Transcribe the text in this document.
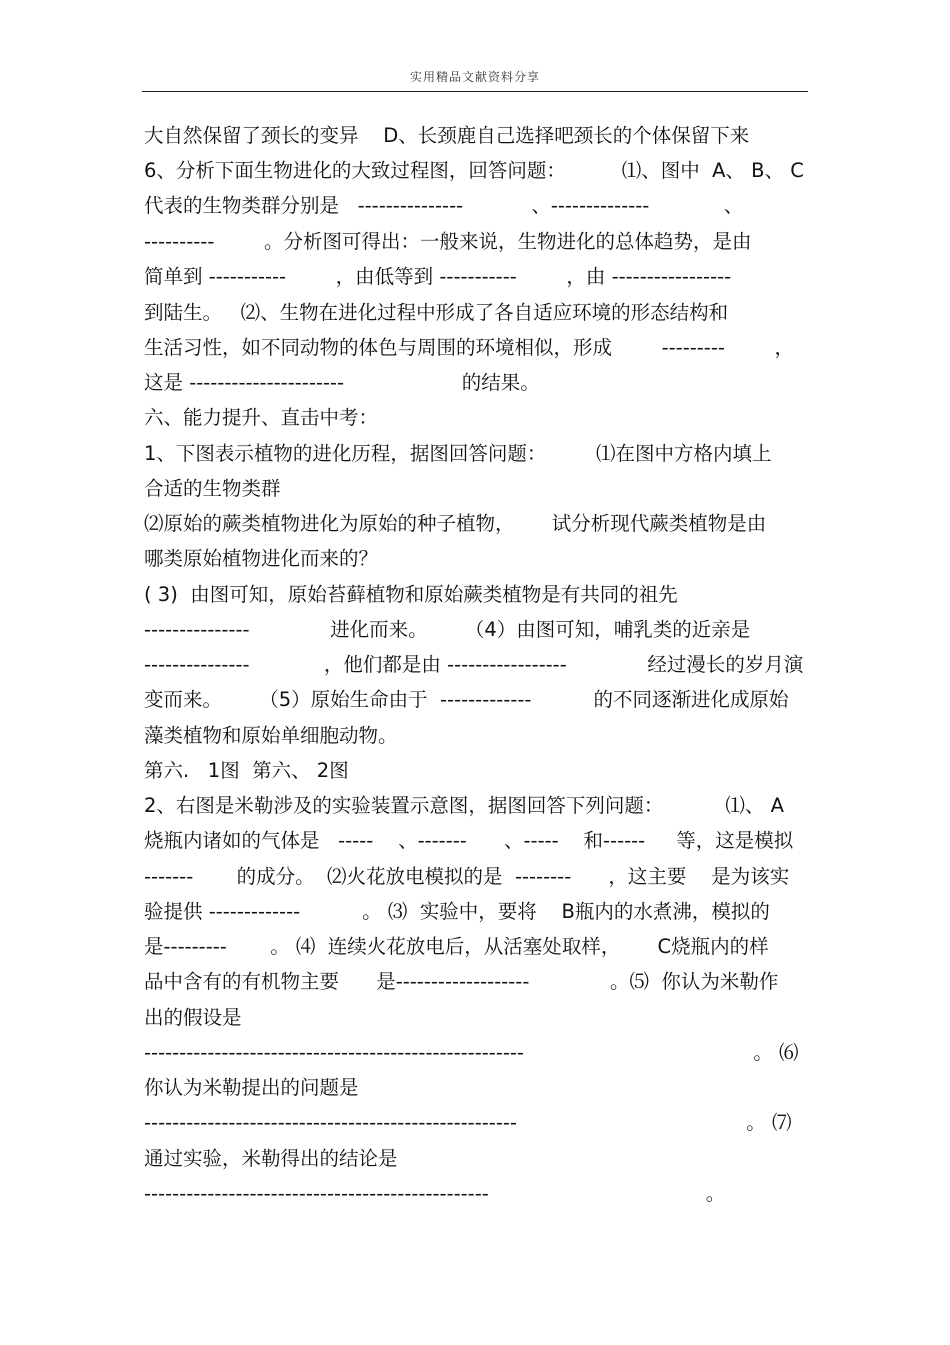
实用精品文献资料分享
大自然保留了颈长的变异    D、长颈鹿自己选择吧颈长的个体保留下来
6、分析下面生物进化的大致过程图，回答问题：         ⑴、图中  A、 B、 C
代表的生物类群分别是   ---------------           、--------------            、
----------        。分析图可得出：一般来说，生物进化的总体趋势，是由
简单到 -----------        ，由低等到 -----------        ，由 -----------------
到陆生。   ⑵、生物在进化过程中形成了各自适应环境的形态结构和
生活习性，如不同动物的体色与周围的环境相似，形成        ---------        ，
这是 ----------------------                   的结果。
六、能力提升、直击中考：
1、下图表示植物的进化历程，据图回答问题：        ⑴在图中方格内填上
合适的生物类群
⑵原始的蕨类植物进化为原始的种子植物，      试分析现代蕨类植物是由
哪类原始植物进化而来的？
( 3)  由图可知，原始苔藓植物和原始蕨类植物是有共同的祖先
---------------             进化而来。      （4）由图可知，哺乳类的近亲是
---------------            ，他们都是由 -----------------             经过漫长的岁月演
变而来。      （5）原始生命由于  -------------          的不同逐渐进化成原始
藻类植物和原始单细胞动物。
第六.   1图  第六、 2图
2、右图是米勒涉及的实验装置示意图，据图回答下列问题：          ⑴、 A
烧瓶内诸如的气体是   -----    、-------      、-----    和------     等，这是模拟
-------       的成分。  ⑵火花放电模拟的是  --------      ，这主要    是为该实
验提供 -------------          。 ⑶  实验中，要将    B瓶内的水煮沸，模拟的
是---------       。 ⑷  连续火花放电后，从活塞处取样，      C烧瓶内的样
品中含有的有机物主要      是-------------------             。⑸  你认为米勒作
出的假设是
------------------------------------------------------                                     。 ⑹
你认为米勒提出的问题是
-----------------------------------------------------                                     。 ⑺
通过实验，米勒得出的结论是
-------------------------------------------------                                   。
